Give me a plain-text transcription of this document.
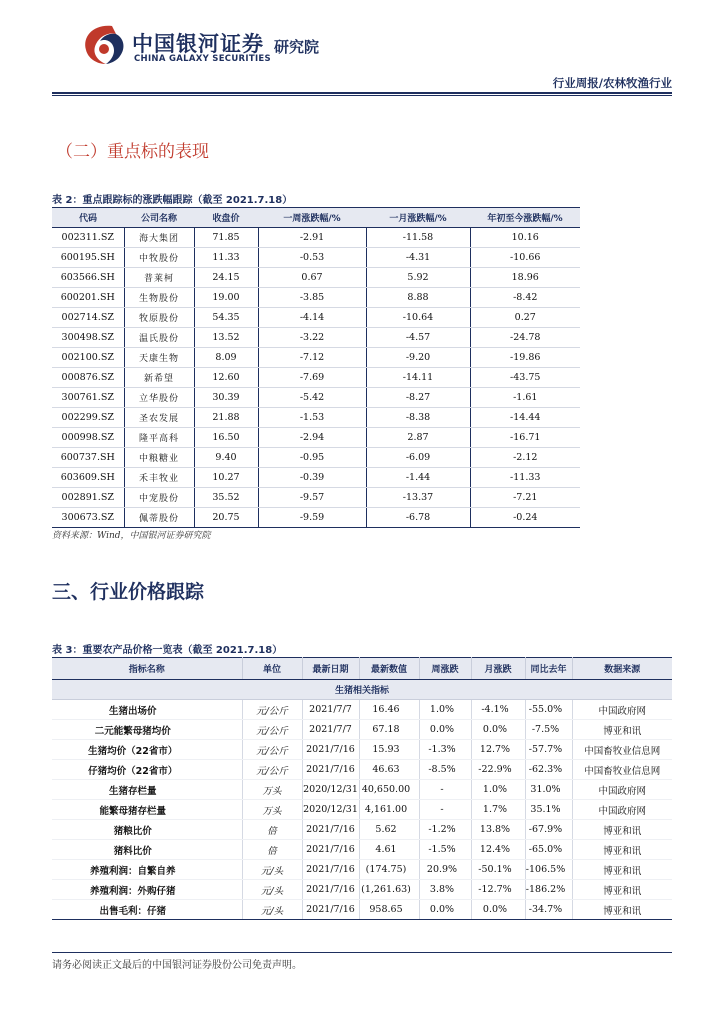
中国银河证券
CHINA GALAXY SECURITIES
研究院
行业周报/农林牧渔行业
（二）重点标的表现
表 2：重点跟踪标的涨跌幅跟踪（截至 2021.7.18）
代码	公司名称	收盘价	一周涨跌幅/%	一月涨跌幅/%	年初至今涨跌幅/%
002311.SZ	海大集团	71.85	-2.91	-11.58	10.16
600195.SH	中牧股份	11.33	-0.53	-4.31	-10.66
603566.SH	普莱柯	24.15	0.67	5.92	18.96
600201.SH	生物股份	19.00	-3.85	8.88	-8.42
002714.SZ	牧原股份	54.35	-4.14	-10.64	0.27
300498.SZ	温氏股份	13.52	-3.22	-4.57	-24.78
002100.SZ	天康生物	8.09	-7.12	-9.20	-19.86
000876.SZ	新希望	12.60	-7.69	-14.11	-43.75
300761.SZ	立华股份	30.39	-5.42	-8.27	-1.61
002299.SZ	圣农发展	21.88	-1.53	-8.38	-14.44
000998.SZ	隆平高科	16.50	-2.94	2.87	-16.71
600737.SH	中粮糖业	9.40	-0.95	-6.09	-2.12
603609.SH	禾丰牧业	10.27	-0.39	-1.44	-11.33
002891.SZ	中宠股份	35.52	-9.57	-13.37	-7.21
300673.SZ	佩蒂股份	20.75	-9.59	-6.78	-0.24
资料来源：Wind，中国银河证券研究院
三、行业价格跟踪
表 3：重要农产品价格一览表（截至 2021.7.18）
指标名称	单位	最新日期	最新数值	周涨跌	月涨跌	同比去年	数据来源
生猪相关指标							
生猪出场价	元/公斤	2021/7/7	16.46	1.0%	-4.1%	-55.0%	中国政府网
二元能繁母猪均价	元/公斤	2021/7/7	67.18	0.0%	0.0%	-7.5%	博亚和讯
生猪均价（22省市）	元/公斤	2021/7/16	15.93	-1.3%	12.7%	-57.7%	中国畜牧业信息网
仔猪均价（22省市）	元/公斤	2021/7/16	46.63	-8.5%	-22.9%	-62.3%	中国畜牧业信息网
生猪存栏量	万头	2020/12/31	40,650.00	-	1.0%	31.0%	中国政府网
能繁母猪存栏量	万头	2020/12/31	4,161.00	-	1.7%	35.1%	中国政府网
猪粮比价	倍	2021/7/16	5.62	-1.2%	13.8%	-67.9%	博亚和讯
猪料比价	倍	2021/7/16	4.61	-1.5%	12.4%	-65.0%	博亚和讯
养殖利润：自繁自养	元/头	2021/7/16	(174.75)	20.9%	-50.1%	-106.5%	博亚和讯
养殖利润：外购仔猪	元/头	2021/7/16	(1,261.63)	3.8%	-12.7%	-186.2%	博亚和讯
出售毛利：仔猪	元/头	2021/7/16	958.65	0.0%	0.0%	-34.7%	博亚和讯
请务必阅读正文最后的中国银河证券股份公司免责声明。
